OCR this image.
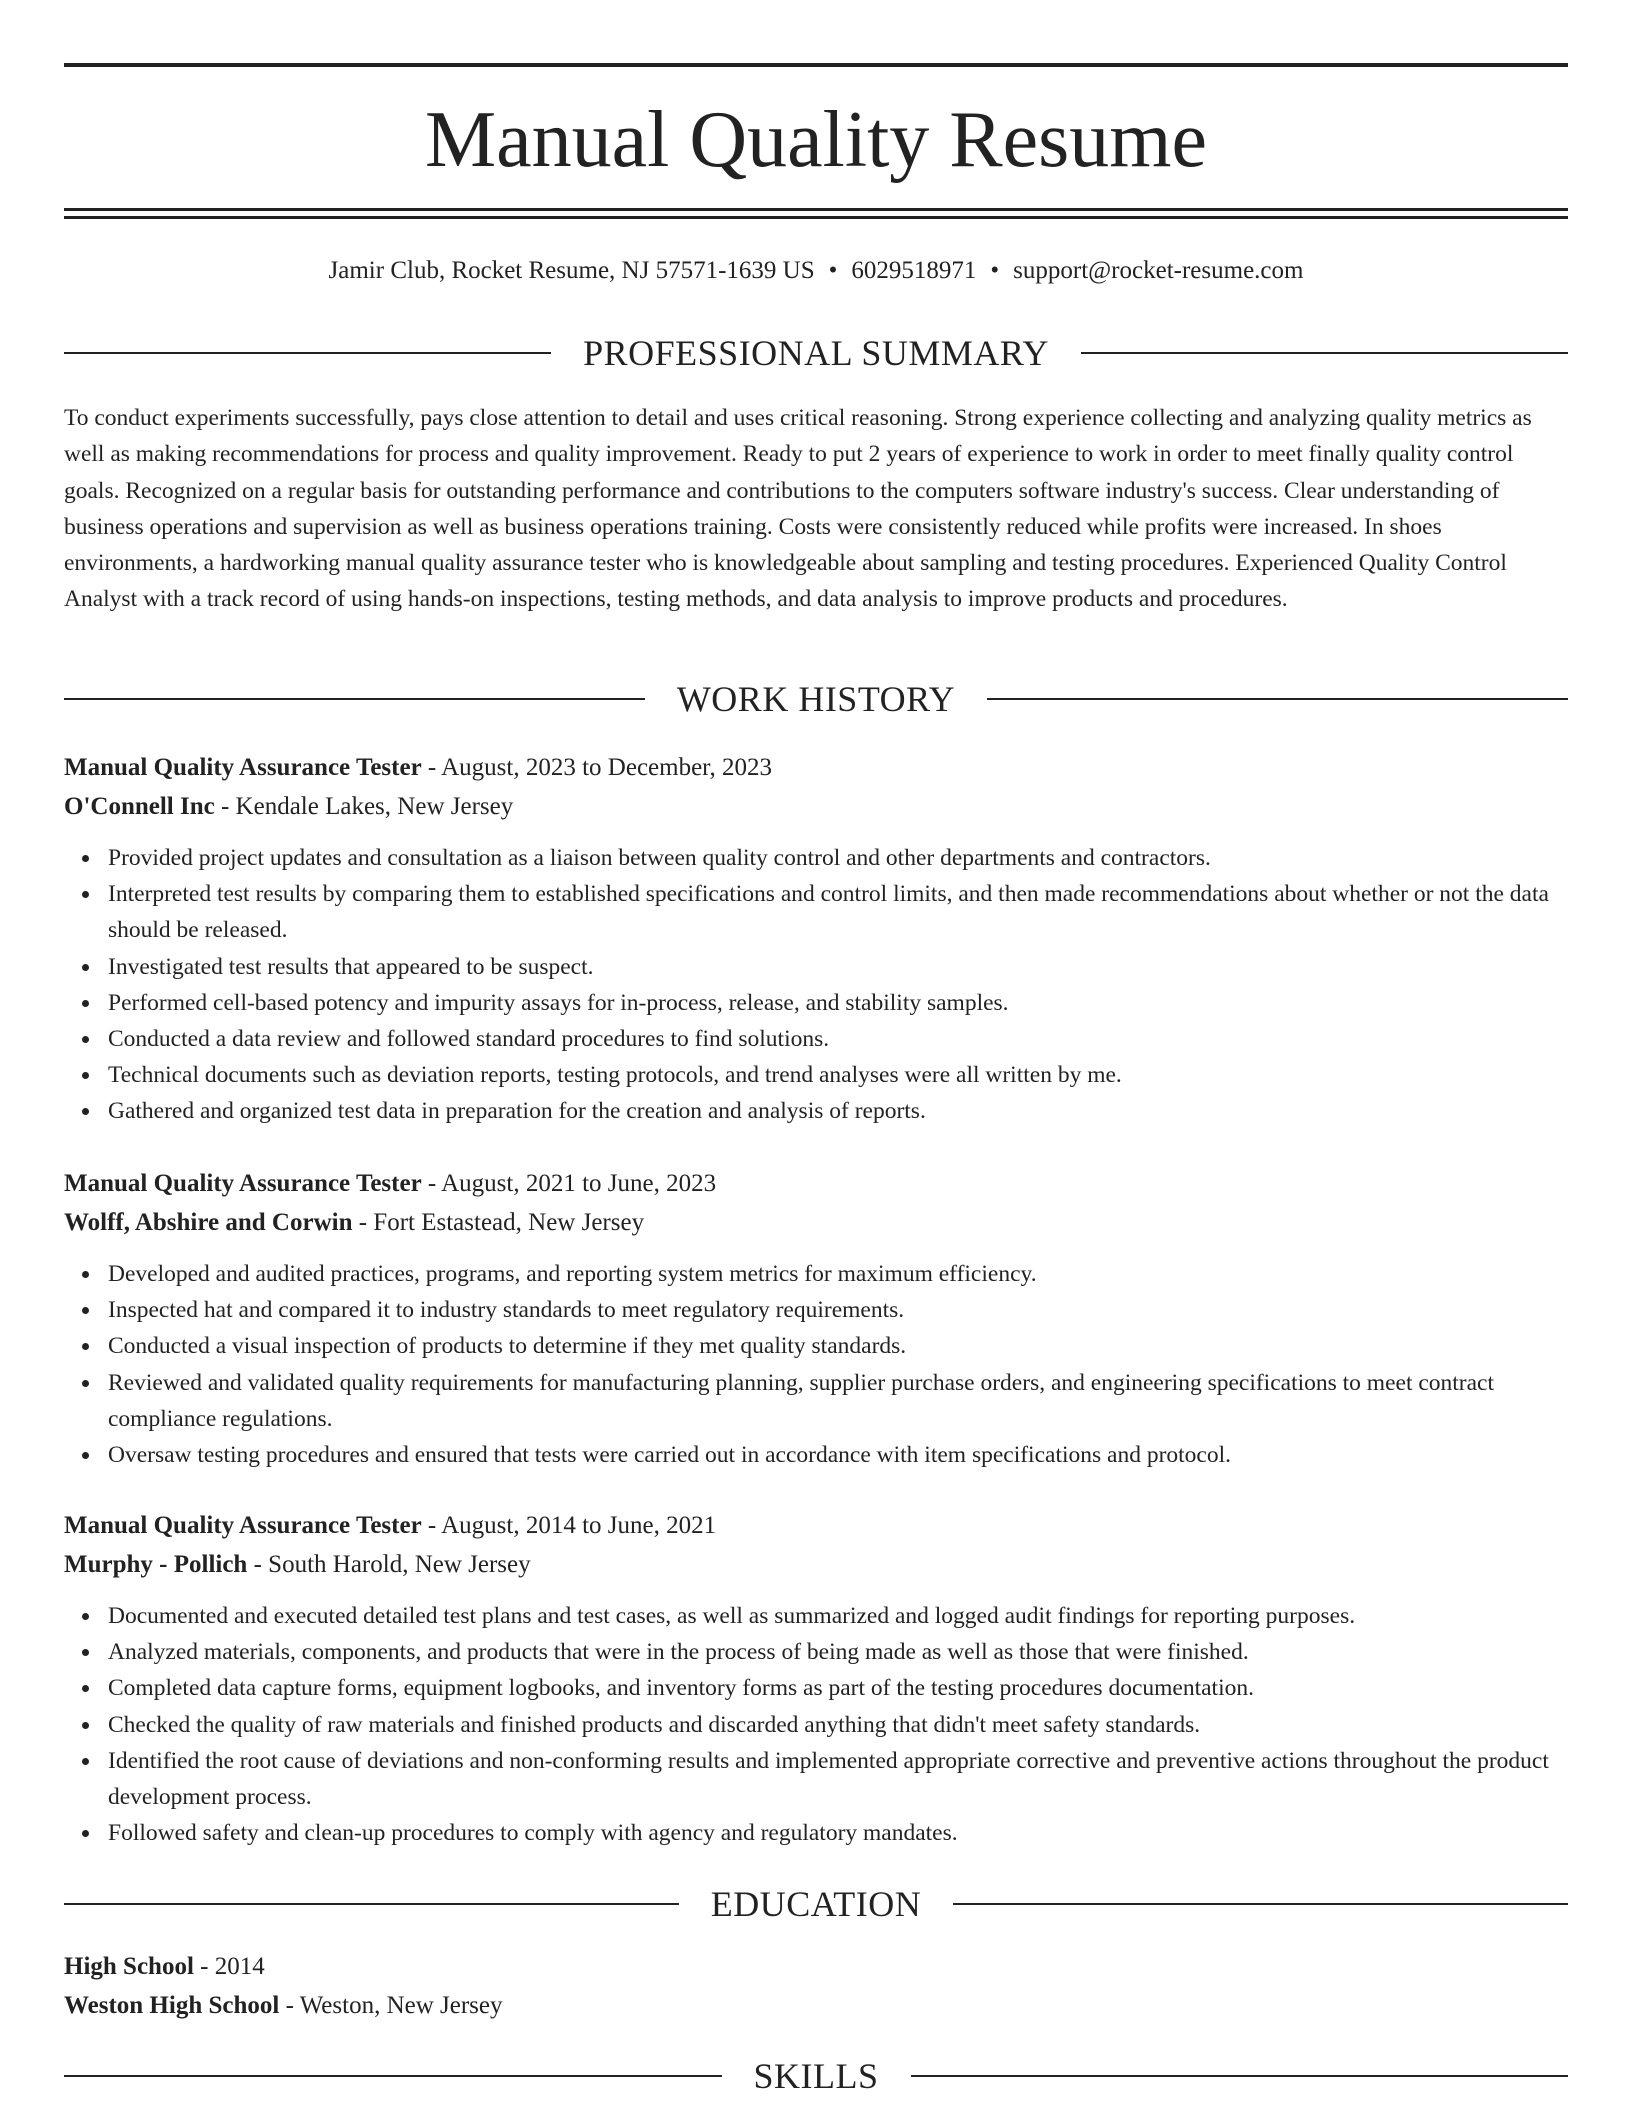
Manual Quality Resume
Jamir Club, Rocket Resume, NJ 57571-1639 US • 6029518971 • support@rocket-resume.com
PROFESSIONAL SUMMARY

To conduct experiments successfully, pays close attention to detail and uses critical reasoning. Strong experience collecting and analyzing quality metrics as well as making recommendations for process and quality improvement. Ready to put 2 years of experience to work in order to meet finally quality control goals. Recognized on a regular basis for outstanding performance and contributions to the computers software industry's success. Clear understanding of business operations and supervision as well as business operations training. Costs were consistently reduced while profits were increased. In shoes environments, a hardworking manual quality assurance tester who is knowledgeable about sampling and testing procedures. Experienced Quality Control Analyst with a track record of using hands-on inspections, testing methods, and data analysis to improve products and procedures.

WORK HISTORY
Manual Quality Assurance Tester - August, 2023 to December, 2023
O'Connell Inc - Kendale Lakes, New Jersey
Provided project updates and consultation as a liaison between quality control and other departments and contractors.
Interpreted test results by comparing them to established specifications and control limits, and then made recommendations about whether or not the data should be released.
Investigated test results that appeared to be suspect.
Performed cell-based potency and impurity assays for in-process, release, and stability samples.
Conducted a data review and followed standard procedures to find solutions.
Technical documents such as deviation reports, testing protocols, and trend analyses were all written by me.
Gathered and organized test data in preparation for the creation and analysis of reports.
Manual Quality Assurance Tester - August, 2021 to June, 2023
Wolff, Abshire and Corwin - Fort Estastead, New Jersey
Developed and audited practices, programs, and reporting system metrics for maximum efficiency.
Inspected hat and compared it to industry standards to meet regulatory requirements.
Conducted a visual inspection of products to determine if they met quality standards.
Reviewed and validated quality requirements for manufacturing planning, supplier purchase orders, and engineering specifications to meet contract compliance regulations.
Oversaw testing procedures and ensured that tests were carried out in accordance with item specifications and protocol.
Manual Quality Assurance Tester - August, 2014 to June, 2021
Murphy - Pollich - South Harold, New Jersey
Documented and executed detailed test plans and test cases, as well as summarized and logged audit findings for reporting purposes.
Analyzed materials, components, and products that were in the process of being made as well as those that were finished.
Completed data capture forms, equipment logbooks, and inventory forms as part of the testing procedures documentation.
Checked the quality of raw materials and finished products and discarded anything that didn't meet safety standards.
Identified the root cause of deviations and non-conforming results and implemented appropriate corrective and preventive actions throughout the product development process.
Followed safety and clean-up procedures to comply with agency and regulatory mandates.
EDUCATION
High School - 2014
Weston High School - Weston, New Jersey
SKILLS
